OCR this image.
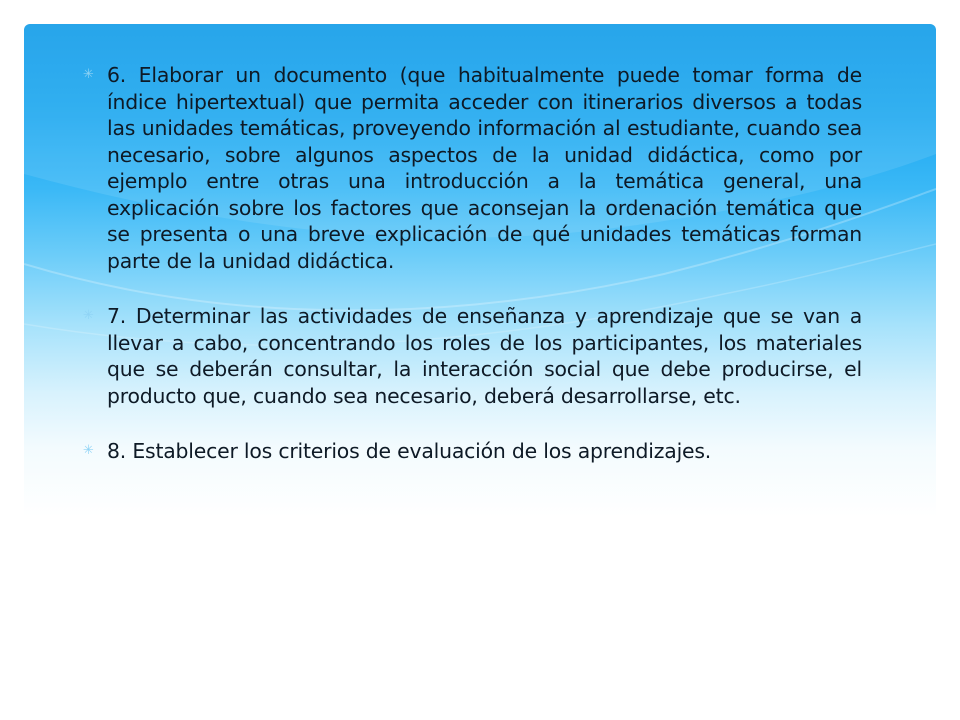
✳ 6. Elaborar un documento (que habitualmente puede tomar forma de índice hipertextual) que permita acceder con itinerarios diversos a todas las unidades temáticas, proveyendo información al estudiante, cuando sea necesario, sobre algunos aspectos de la unidad didáctica, como por ejemplo entre otras una introducción a la temática general, una explicación sobre los factores que aconsejan la ordenación temática que se presenta o una breve explicación de qué unidades temáticas forman parte de la unidad didáctica.
✳ 7. Determinar las actividades de enseñanza y aprendizaje que se van a llevar a cabo, concentrando los roles de los participantes, los materiales que se deberán consultar, la interacción social que debe producirse, el producto que, cuando sea necesario, deberá desarrollarse, etc.
✳ 8. Establecer los criterios de evaluación de los aprendizajes.
